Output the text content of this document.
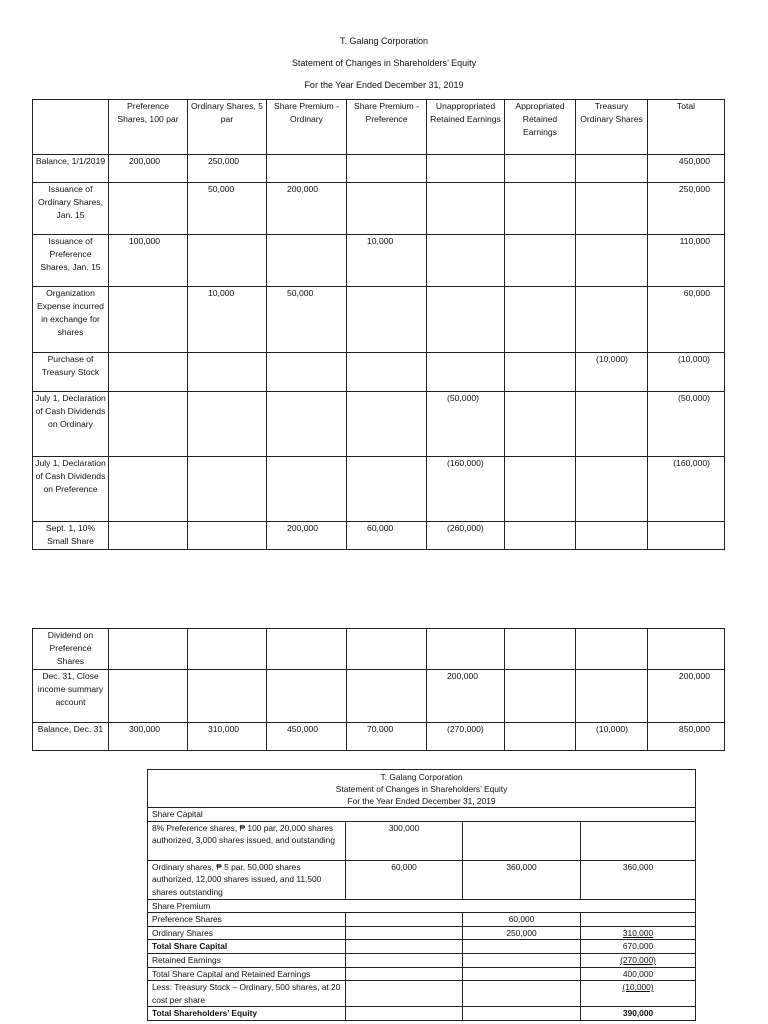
T. Galang Corporation
Statement of Changes in Shareholders’ Equity
For the Year Ended December 31, 2019
	Preference Shares, 100 par	Ordinary Shares, 5 par	Share Premium - Ordinary	Share Premium - Preference	Unappropriated Retained Earnings	Appropriated Retained Earnings	Treasury Ordinary Shares	Total
Balance, 1/1/2019	200,000	250,000						450,000
Issuance of Ordinary Shares, Jan. 15		50,000	200,000					250,000
Issuance of Preference Shares, Jan. 15	100,000			10,000				110,000
Organization Expense incurred in exchange for shares		10,000	50,000					60,000
Purchase of Treasury Stock							(10,000)	(10,000)
July 1, Declaration of Cash Dividends on Ordinary					(50,000)			(50,000)
July 1, Declaration of Cash Dividends on Preference					(160,000)			(160,000)
Sept. 1, 10% Small Share			200,000	60,000	(260,000)			
Dividend on Preference Shares								
Dec. 31, Close income summary account					200,000			200,000
Balance, Dec. 31	300,000	310,000	450,000	70,000	(270,000)		(10,000)	850,000
T. Galang Corporation
Statement of Changes in Shareholders’ Equity
For the Year Ended December 31, 2019			

Share Capital			
8% Preference shares, ₱ 100 par, 20,000 shares authorized, 3,000 shares issued, and outstanding	300,000		
Ordinary shares, ₱ 5 par, 50,000 shares authorized, 12,000 shares issued, and 11,500 shares outstanding	60,000	360,000	360,000
Share Premium			
Preference Shares		60,000	
Ordinary Shares		250,000	310,000
Total Share Capital			670,000
Retained Earnings			(270,000)
Total Share Capital and Retained Earnings			400,000
Less: Treasury Stock – Ordinary, 500 shares, at 20 cost per share			(10,000)
Total Shareholders’ Equity			390,000
